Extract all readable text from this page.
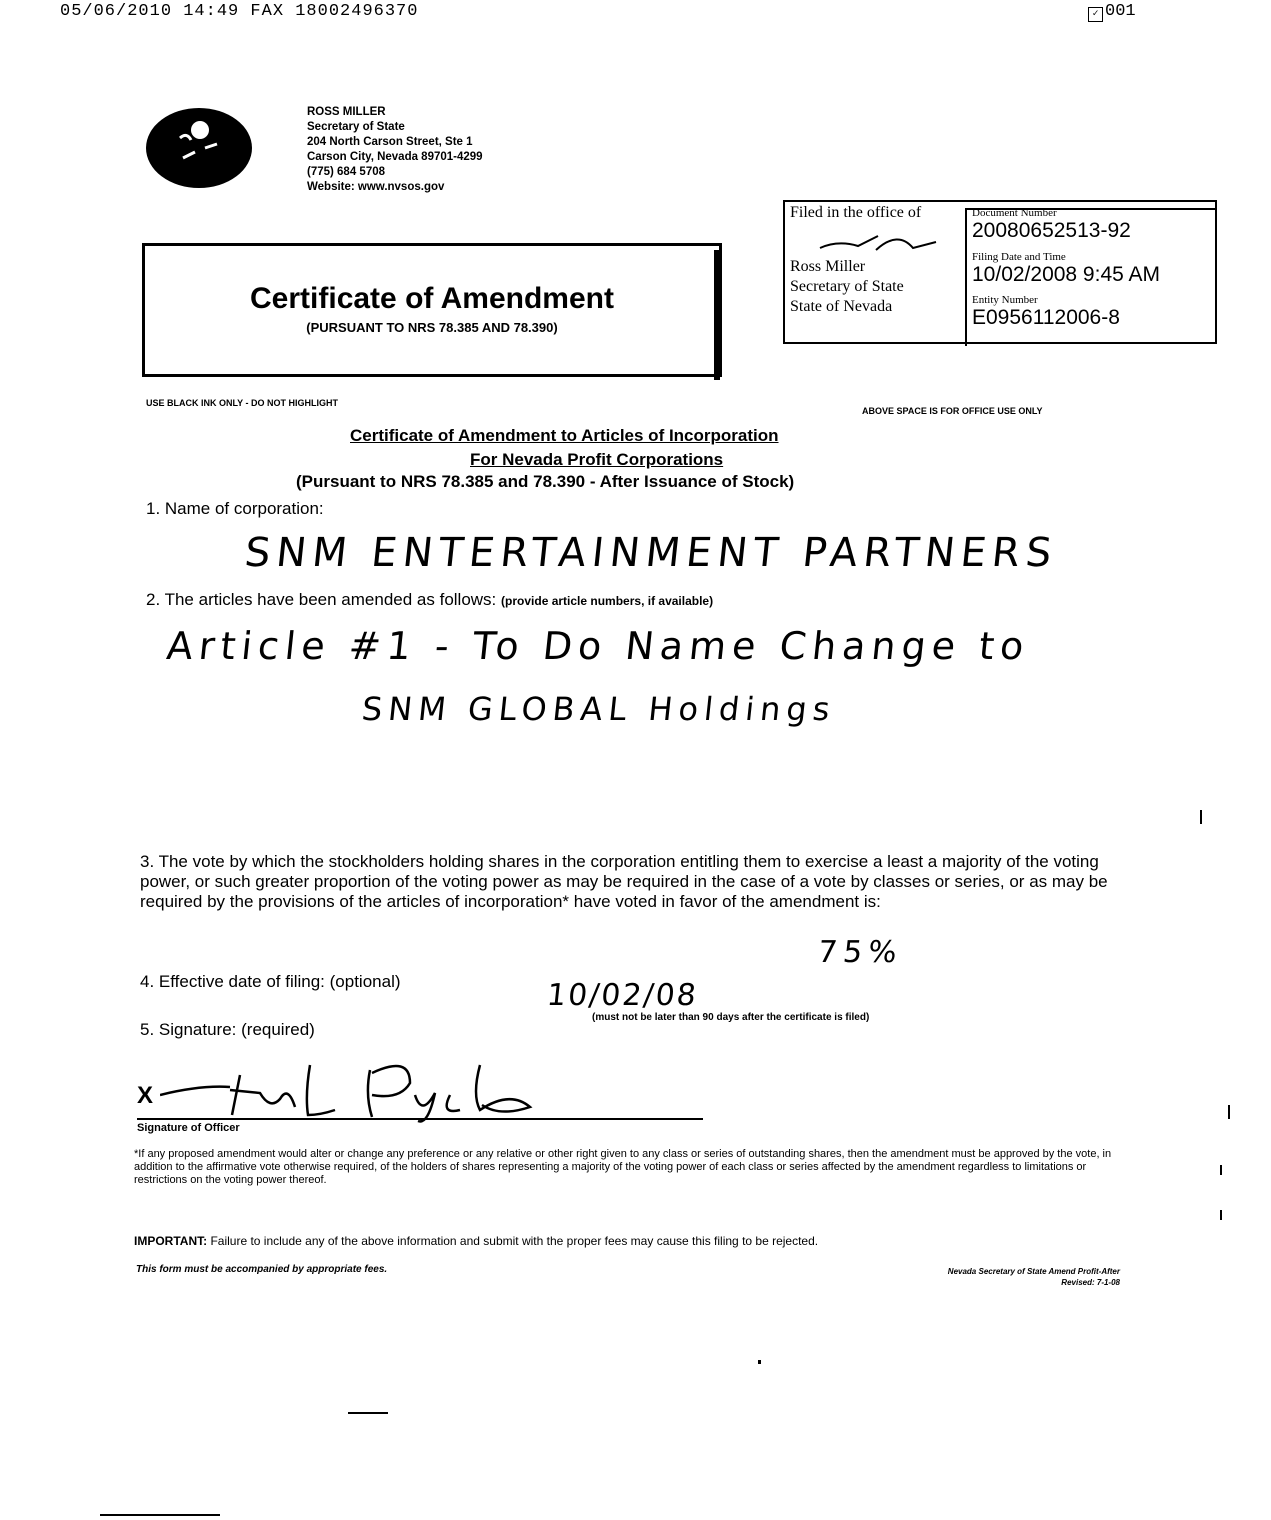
05/06/2010 14:49 FAX 18002496370	✓ 001
ROSS MILLER
Secretary of State
204 North Carson Street, Ste 1
Carson City, Nevada 89701-4299
(775) 684 5708
Website: www.nvsos.gov
Filed in the office of
Ross Miller
Secretary of State
State of Nevada
Document Number
20080652513-92
Filing Date and Time
10/02/2008 9:45 AM
Entity Number
E0956112006-8
Certificate of Amendment
(PURSUANT TO NRS 78.385 AND 78.390)
USE BLACK INK ONLY - DO NOT HIGHLIGHT
ABOVE SPACE IS FOR OFFICE USE ONLY
Certificate of Amendment to Articles of Incorporation
For Nevada Profit Corporations
(Pursuant to NRS 78.385 and 78.390 - After Issuance of Stock)
1. Name of corporation:
SNM ENTERTAINMENT PARTNERS
2. The articles have been amended as follows: (provide article numbers, if available)
Article #1 - To Do Name Change to
SNM GLOBAL Holdings
3. The vote by which the stockholders holding shares in the corporation entitling them to exercise a least a majority of the voting power, or such greater proportion of the voting power as may be required in the case of a vote by classes or series, or as may be required by the provisions of the articles of incorporation* have voted in favor of the amendment is:
75%
4. Effective date of filing: (optional)	10/02/08
(must not be later than 90 days after the certificate is filed)
5. Signature: (required)
X
Signature of Officer
*If any proposed amendment would alter or change any preference or any relative or other right given to any class or series of outstanding shares, then the amendment must be approved by the vote, in addition to the affirmative vote otherwise required, of the holders of shares representing a majority of the voting power of each class or series affected by the amendment regardless to limitations or restrictions on the voting power thereof.
IMPORTANT: Failure to include any of the above information and submit with the proper fees may cause this filing to be rejected.
This form must be accompanied by appropriate fees.	Nevada Secretary of State Amend Profit-After
Revised: 7-1-08
